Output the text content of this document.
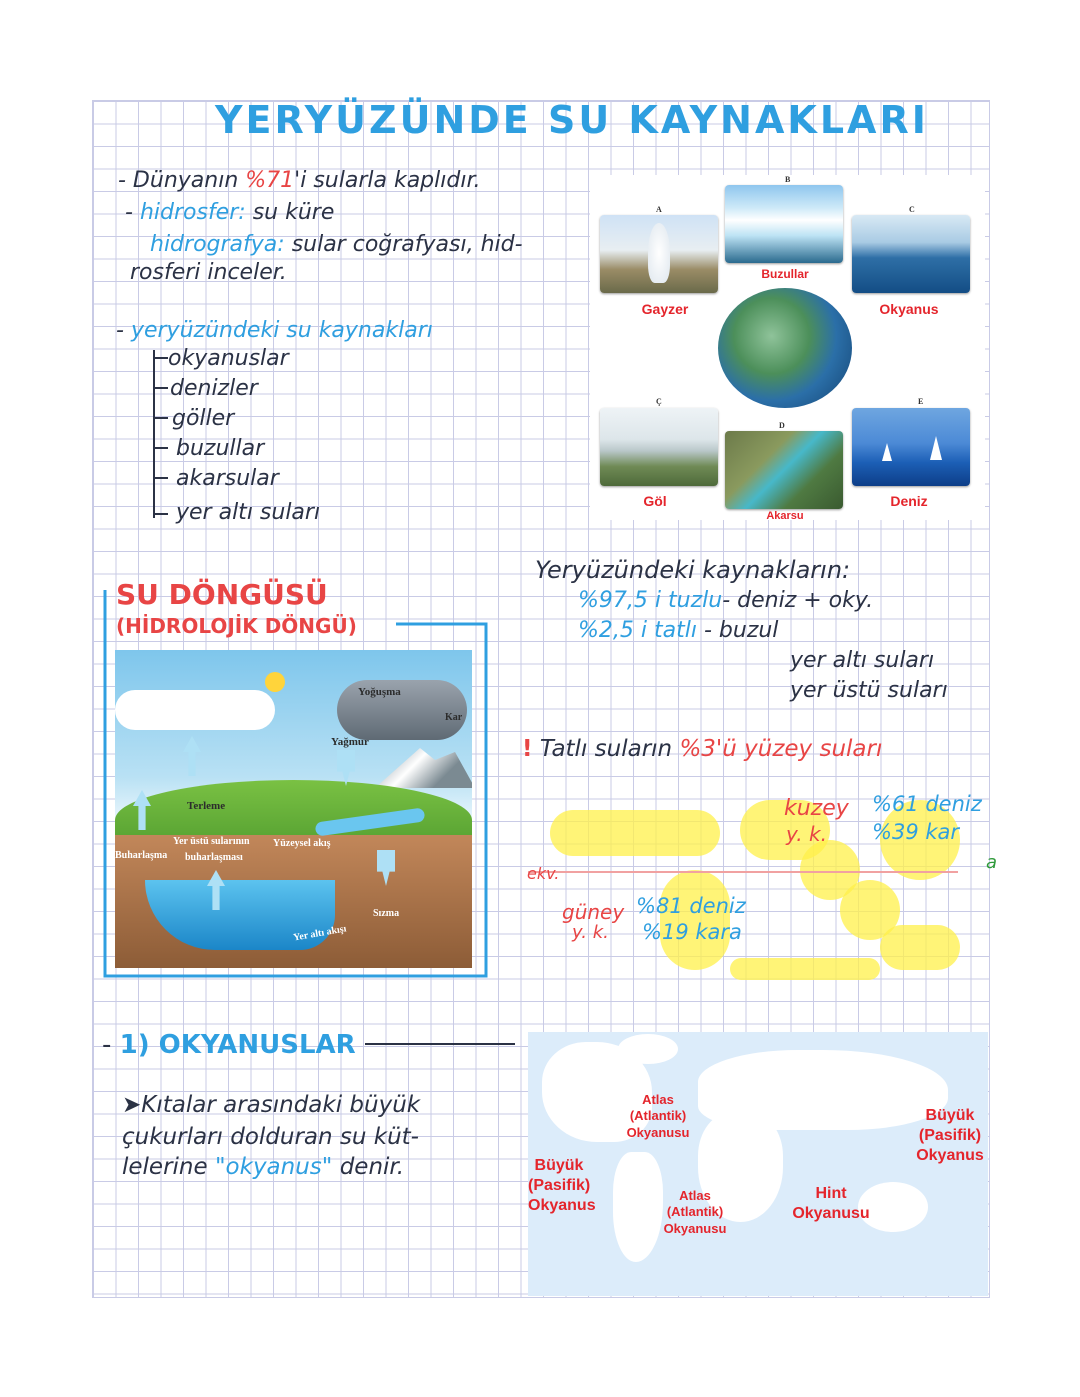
YERYÜZÜNDE SU KAYNAKLARI
- Dünyanın %71'i sularla kaplıdır.
- hidrosfer: su küre
hidrografya: sular coğrafyası, hid-
rosferi inceler.
- yeryüzündeki su kaynakları
okyanuslar
denizler
göller
buzullar
akarsular
yer altı suları
A
Gayzer
B
Buzullar
C
Okyanus
Ç
Göl
D
Akarsu
E
Deniz
Yeryüzündeki kaynakların:
%97,5 i tuzlu- deniz + oky.
%2,5 i tatlı - buzul
yer altı suları
yer üstü suları
! Tatlı suların %3'ü yüzey suları
kuzey
y. k.
%61 deniz
%39 kar
a
ekv.
güney
y. k.
%81 deniz
%19 kara
SU DÖNGÜSÜ
(HİDROLOJİK DÖNGÜ)
Yoğuşma
Kar
Yağmur
Terleme
Buharlaşma
Yer üstü sularının
buharlaşması
Yüzeysel akış
Sızma
Yer altı akışı
- 1) OKYANUSLAR
➤Kıtalar arasındaki büyük
çukurları dolduran su küt-
lelerine "okyanus" denir.
Atlas
(Atlantik)
Okyanusu
Büyük
(Pasifik)
Okyanus
Atlas
(Atlantik)
Okyanusu
Hint
Okyanusu
Büyük
(Pasifik)
Okyanus
